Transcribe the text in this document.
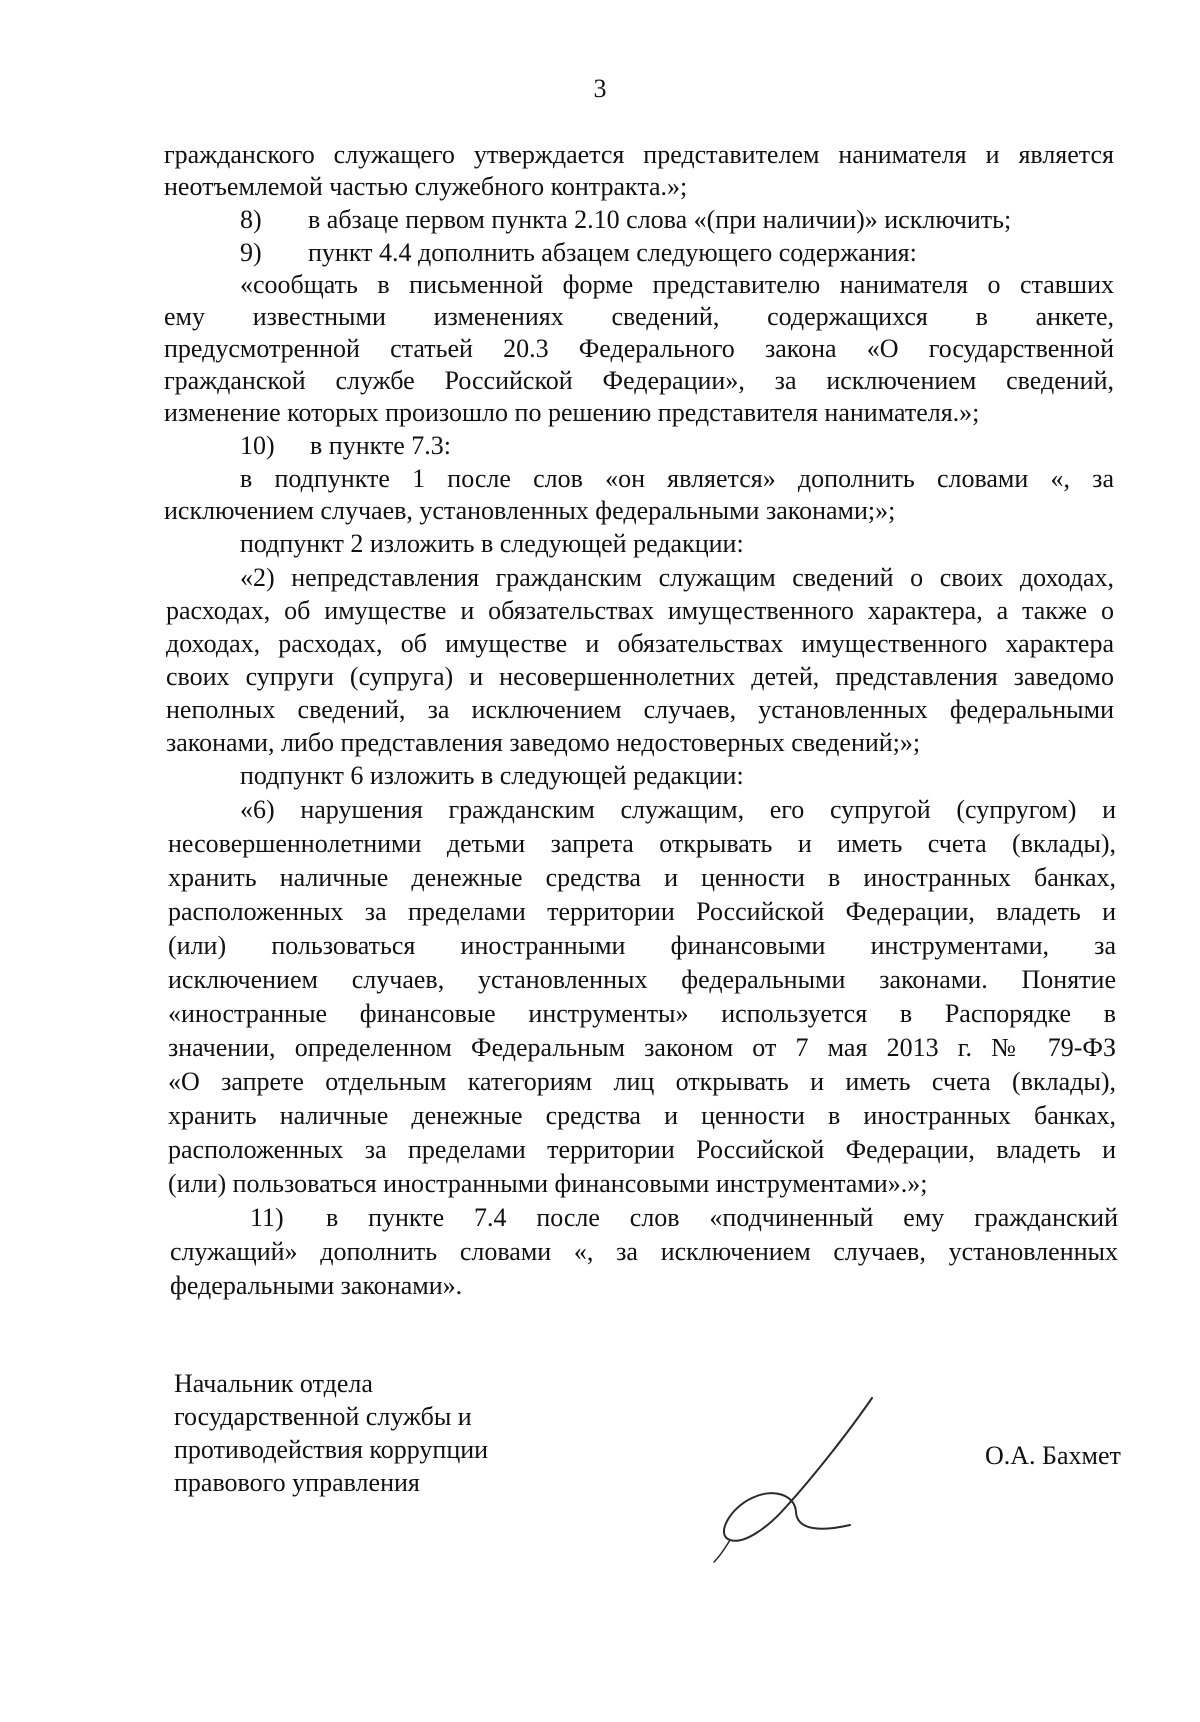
3
гражданского служащего утверждается представителем нанимателя и является
неотъемлемой частью служебного контракта.»;
8) в абзаце первом пункта 2.10 слова «(при наличии)» исключить;
9) пункт 4.4 дополнить абзацем следующего содержания:
«сообщать в письменной форме представителю нанимателя о ставших
ему известными изменениях сведений, содержащихся в анкете,
предусмотренной статьей 20.3 Федерального закона «О государственной
гражданской службе Российской Федерации», за исключением сведений,
изменение которых произошло по решению представителя нанимателя.»;
10) в пункте 7.3:
в подпункте 1 после слов «он является» дополнить словами «, за
исключением случаев, установленных федеральными законами;»;
подпункт 2 изложить в следующей редакции:
«2) непредставления гражданским служащим сведений о своих доходах,
расходах, об имуществе и обязательствах имущественного характера, а также о
доходах, расходах, об имуществе и обязательствах имущественного характера
своих супруги (супруга) и несовершеннолетних детей, представления заведомо
неполных сведений, за исключением случаев, установленных федеральными
законами, либо представления заведомо недостоверных сведений;»;
подпункт 6 изложить в следующей редакции:
«6) нарушения гражданским служащим, его супругой (супругом) и
несовершеннолетними детьми запрета открывать и иметь счета (вклады),
хранить наличные денежные средства и ценности в иностранных банках,
расположенных за пределами территории Российской Федерации, владеть и
(или) пользоваться иностранными финансовыми инструментами, за
исключением случаев, установленных федеральными законами. Понятие
«иностранные финансовые инструменты» используется в Распорядке в
значении, определенном Федеральным законом от 7 мая 2013 г. № 79-ФЗ
«О запрете отдельным категориям лиц открывать и иметь счета (вклады),
хранить наличные денежные средства и ценности в иностранных банках,
расположенных за пределами территории Российской Федерации, владеть и
(или) пользоваться иностранными финансовыми инструментами».»;
11) в пункте 7.4 после слов «подчиненный ему гражданский
служащий» дополнить словами «, за исключением случаев, установленных
федеральными законами».
Начальник отдела
государственной службы и
противодействия коррупции
правового управления
О.А. Бахмет
